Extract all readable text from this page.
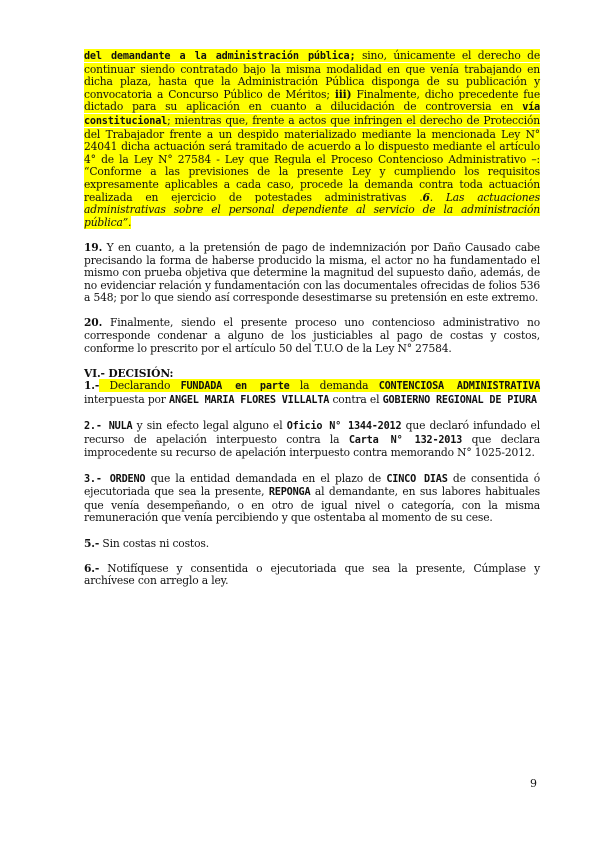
del demandante a la administración pública; sino, únicamente el derecho de continuar siendo contratado bajo la misma modalidad en que venía trabajando en dicha plaza, hasta que la Administración Pública disponga de su publicación y convocatoria a Concurso Público de Méritos; iii) Finalmente, dicho precedente fue dictado para su aplicación en cuanto a dilucidación de controversia en vía constitucional; mientras que, frente a actos que infringen el derecho de Protección del Trabajador frente a un despido materializado mediante la mencionada Ley N° 24041 dicha actuación será tramitado de acuerdo a lo dispuesto mediante el artículo 4° de la Ley N° 27584 - Ley que Regula el Proceso Contencioso Administrativo –: “Conforme a las previsiones de la presente Ley y cumpliendo los requisitos expresamente aplicables a cada caso, procede la demanda contra toda actuación realizada en ejercicio de potestades administrativas .6. Las actuaciones administrativas sobre el personal dependiente al servicio de la administración pública”.

19. Y en cuanto, a la pretensión de pago de indemnización por Daño Causado cabe precisando la forma de haberse producido la misma, el actor no ha fundamentado el mismo con prueba objetiva que determine la magnitud del supuesto daño, además, de no evidenciar relación y fundamentación con las documentales ofrecidas de folios 536 a 548; por lo que siendo así corresponde desestimarse su pretensión en este extremo.

20. Finalmente, siendo el presente proceso uno contencioso administrativo no corresponde condenar a alguno de los justiciables al pago de costas y costos, conforme lo prescrito por el artículo 50 del T.U.O de la Ley N° 27584.

VI.- DECISIÓN:

1.- Declarando FUNDADA en parte la demanda CONTENCIOSA ADMINISTRATIVA interpuesta por ANGEL MARIA FLORES VILLALTA contra el GOBIERNO REGIONAL DE PIURA

2.- NULA y sin efecto legal alguno el Oficio N° 1344-2012 que declaró infundado el recurso de apelación interpuesto contra la Carta N° 132-2013 que declara improcedente su recurso de apelación interpuesto contra memorando N° 1025-2012.

3.- ORDENO que la entidad demandada en el plazo de CINCO DIAS de consentida ó ejecutoriada que sea la presente, REPONGA al demandante, en sus labores habituales que venía desempeñando, o en otro de igual nivel o categoría, con la misma remuneración que venía percibiendo y que ostentaba al momento de su cese.

5.- Sin costas ni costos.

6.- Notifíquese y consentida o ejecutoriada que sea la presente, Cúmplase y archívese con arreglo a ley.

9
